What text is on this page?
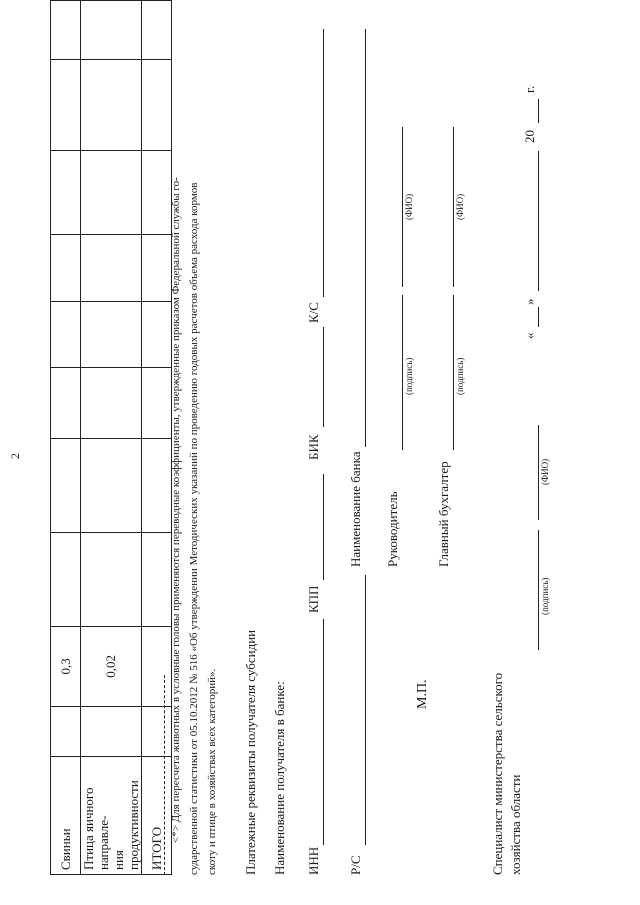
2
Свиньи		0,3								
Птица яичного направле-
ния продуктивности		0,02								
ИТОГО										
<*> Для пересчета животных в условные головы применяются переводные коэффициенты, утвержденные приказом Федеральной службы го- сударственной статистики от 05.10.2012 № 516 «Об утверждении Методических указаний по проведению годовых расчетов объема расхода кормов скоту и птице в хозяйствах всех категорий». Платежные реквизиты получателя субсидии Наименование получателя в банке: ИНН
КПП
БИК
К/С
Р/С
Наименование банка Руководитель
(подпись)
(ФИО)
М.П.
Главный бухгалтер
(подпись)
(ФИО)
Специалист министерства сельского хозяйства области
(подпись)
(ФИО)
«
»
20
г.
